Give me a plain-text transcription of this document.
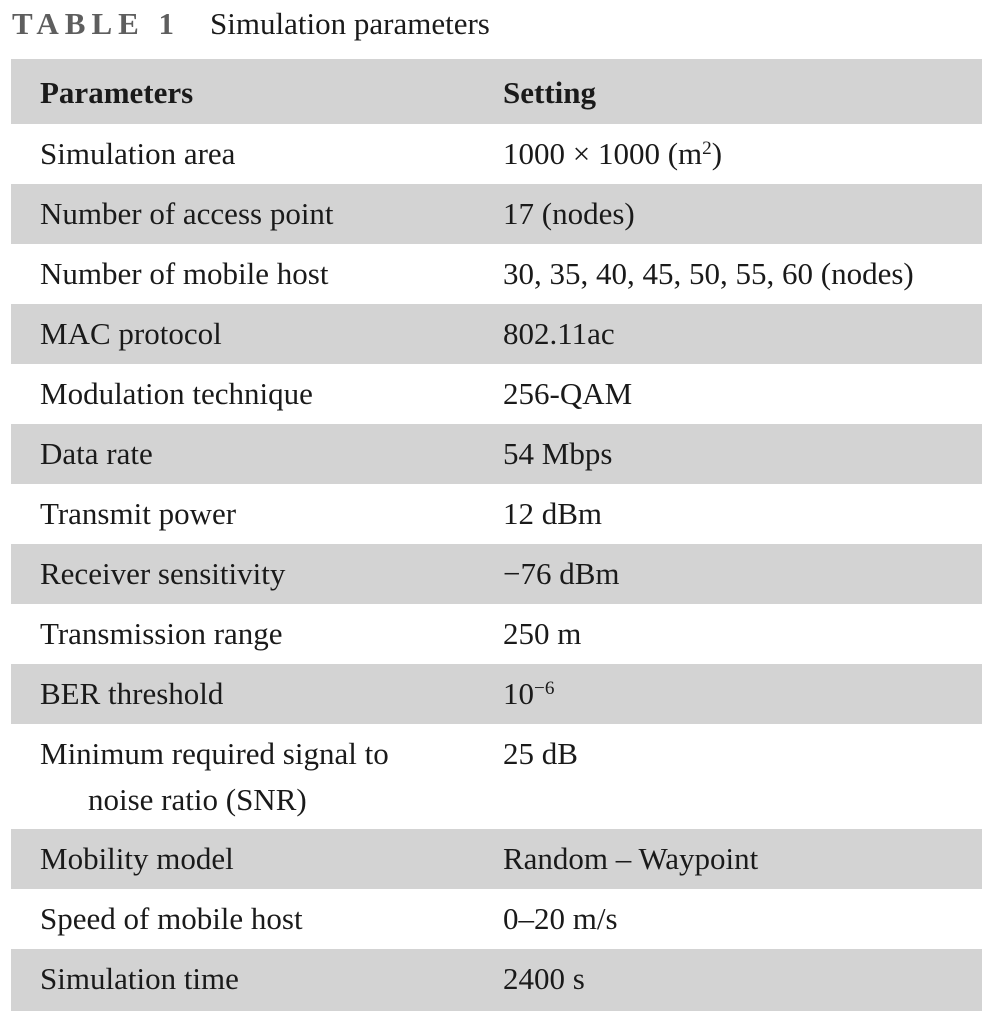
TABLE 1 Simulation parameters
Parameters	Setting
Simulation area	1000 × 1000 $(m^2)$
Number of access point	17 (nodes)
Number of mobile host	30, 35, 40, 45, 50, 55, 60 (nodes)
MAC protocol	802.11ac
Modulation technique	256-QAM
Data rate	54 Mbps
Transmit power	12 dBm
Receiver sensitivity	−76 dBm
Transmission range	250 m
BER threshold	$10^{-6}$

Minimum required signal to
noise ratio (SNR)	25 dB
Mobility model	Random – Waypoint
Speed of mobile host	0–20 m/s
Simulation time	2400 s
